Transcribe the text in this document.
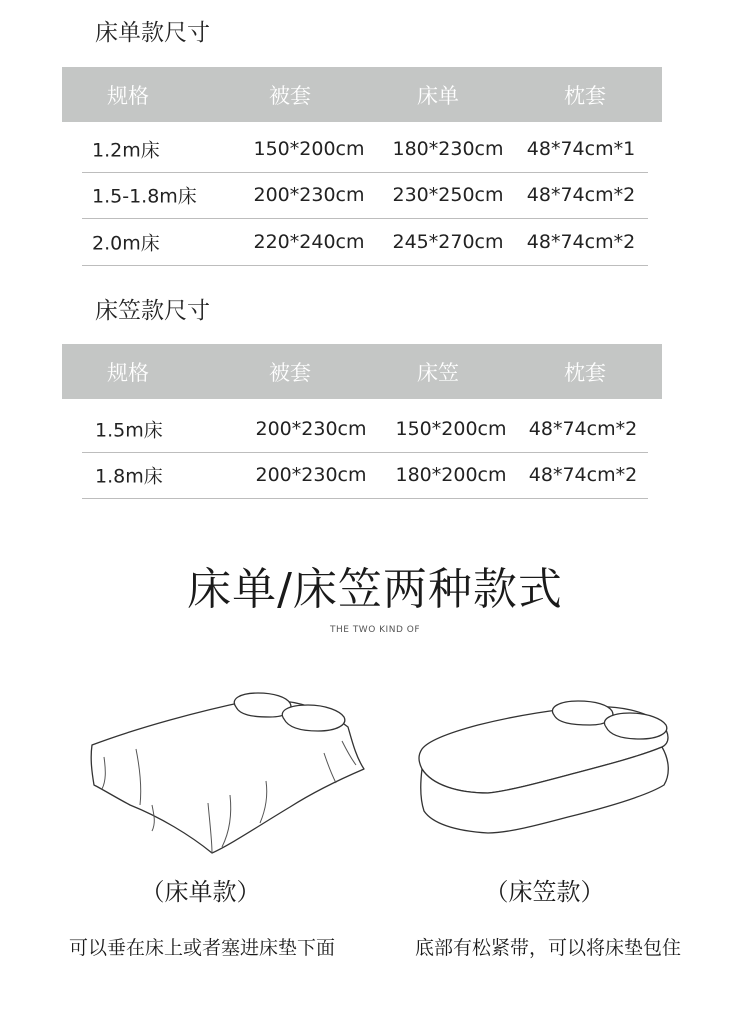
床单款尺寸
规格	被套	床单	枕套
1.2m床	150*200cm 180*230cm 48*74cm*1
1.5-1.8m床	200*230cm 230*250cm 48*74cm*2
2.0m床	220*240cm 245*270cm 48*74cm*2
床笠款尺寸
规格	被套	床笠	枕套
1.5m床	200*230cm 150*200cm 48*74cm*2
1.8m床	200*230cm 180*200cm 48*74cm*2
床单/床笠两种款式
THE TWO KIND OF
（床单款）	（床笠款）
可以垂在床上或者塞进床垫下面	底部有松紧带，可以将床垫包住
